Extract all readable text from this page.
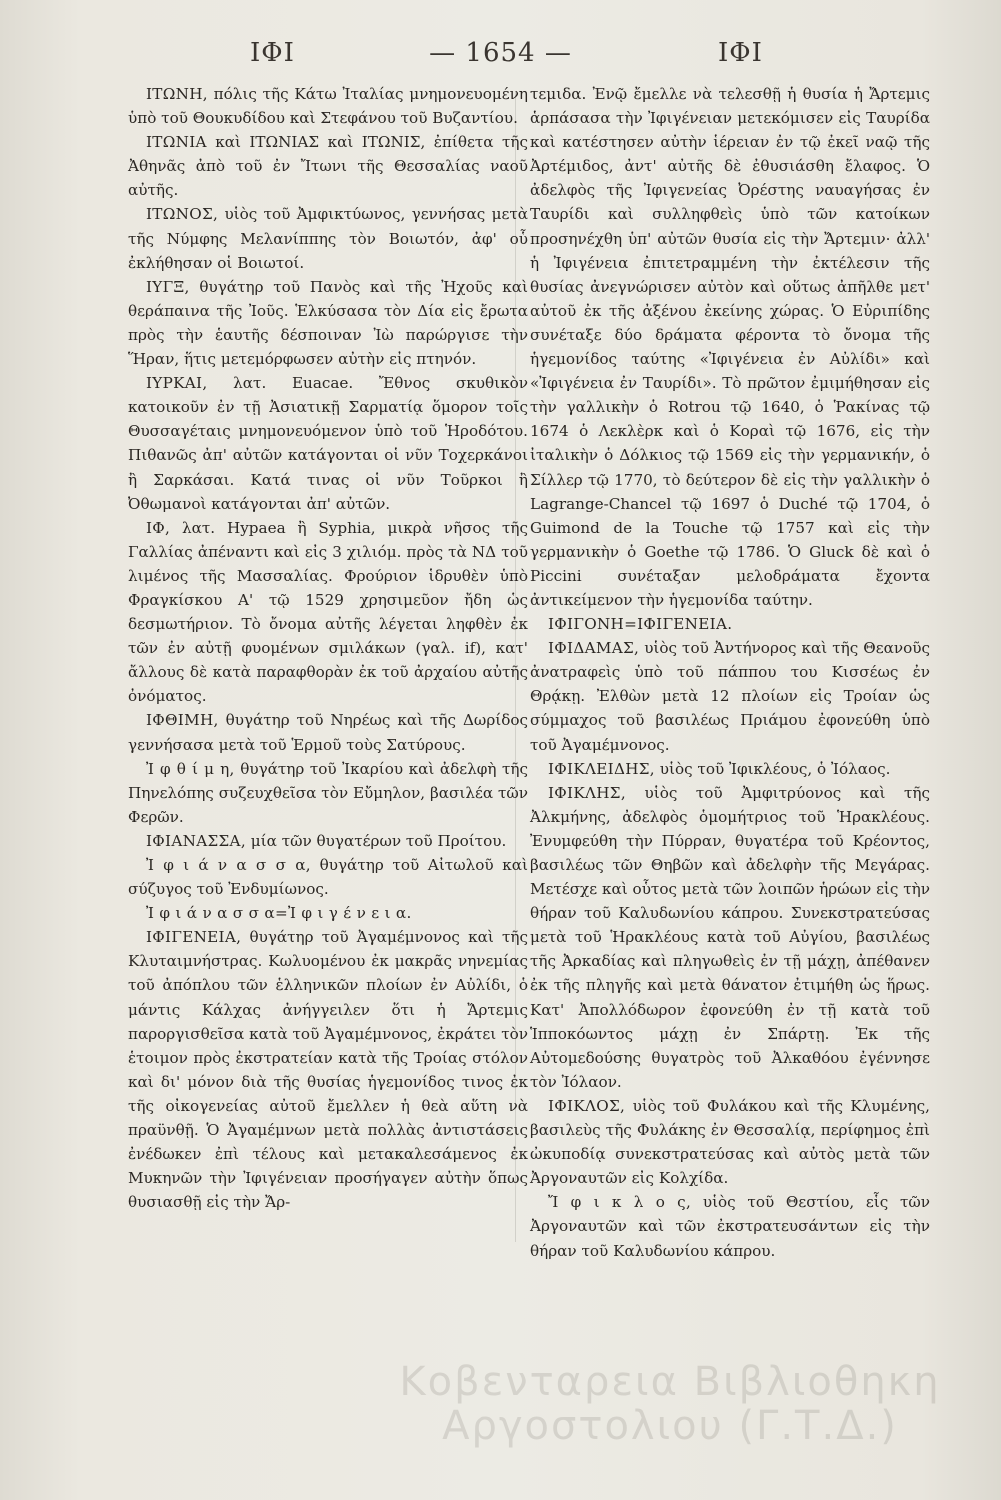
ΙΦΙ	— 1654 —	ΙΦΙ

ΙΤΩΝΗ, πόλις τῆς Κάτω Ἰταλίας μνημονευομένη ὑπὸ τοῦ Θουκυδίδου καὶ Στεφάνου τοῦ Βυζαντίου.

ΙΤΩΝΙΑ καὶ ΙΤΩΝΙΑΣ καὶ ΙΤΩΝΙΣ, ἐπίθετα τῆς Ἀθηνᾶς ἀπὸ τοῦ ἐν Ἴτωνι τῆς Θεσσαλίας ναοῦ αὐτῆς.

ΙΤΩΝΟΣ, υἱὸς τοῦ Ἀμφικτύωνος, γεννήσας μετὰ τῆς Νύμφης Μελανίππης τὸν Βοιωτόν, ἀφ' οὗ ἐκλήθησαν οἱ Βοιωτοί.

ΙΥΓΞ, θυγάτηρ τοῦ Πανὸς καὶ τῆς Ἠχοῦς καὶ θεράπαινα τῆς Ἰοῦς. Ἑλκύσασα τὸν Δία εἰς ἔρωτα πρὸς τὴν ἑαυτῆς δέσποιναν Ἰὼ παρώργισε τὴν Ἥραν, ἥτις μετεμόρφωσεν αὐτὴν εἰς πτηνόν.

ΙΥΡΚΑΙ, λατ. Euacae. Ἔθνος σκυθικὸν κατοικοῦν ἐν τῇ Ἀσιατικῇ Σαρματίᾳ ὅμορον τοῖς Θυσσαγέταις μνημονευόμενον ὑπὸ τοῦ Ἡροδότου. Πιθανῶς ἀπ' αὐτῶν κατάγονται οἱ νῦν Τοχερκάνοι ἢ Σαρκάσαι. Κατά τινας οἱ νῦν Τοῦρκοι ἢ Ὀθωμανοὶ κατάγονται ἀπ' αὐτῶν.

ΙΦ, λατ. Hypaea ἢ Syphia, μικρὰ νῆσος τῆς Γαλλίας ἀπέναντι καὶ εἰς 3 χιλιόμ. πρὸς τὰ ΝΔ τοῦ λιμένος τῆς Μασσαλίας. Φρούριον ἱδρυθὲν ὑπὸ Φραγκίσκου Α' τῷ 1529 χρησιμεῦον ἤδη ὡς δεσμωτήριον. Τὸ ὄνομα αὐτῆς λέγεται ληφθὲν ἐκ τῶν ἐν αὐτῇ φυομένων σμιλάκων (γαλ. if), κατ' ἄλλους δὲ κατὰ παραφθορὰν ἐκ τοῦ ἀρχαίου αὐτῆς ὀνόματος.

ΙΦΘΙΜΗ, θυγάτηρ τοῦ Νηρέως καὶ τῆς Δωρίδος γεννήσασα μετὰ τοῦ Ἑρμοῦ τοὺς Σατύρους.

Ἰ φ θ ί μ η, θυγάτηρ τοῦ Ἰκαρίου καὶ ἀδελφὴ τῆς Πηνελόπης συζευχθεῖσα τὸν Εὔμηλον, βασιλέα τῶν Φερῶν.

ΙΦΙΑΝΑΣΣΑ, μία τῶν θυγατέρων τοῦ Προίτου.

Ἰ φ ι ά ν α σ σ α, θυγάτηρ τοῦ Αἰτωλοῦ καὶ σύζυγος τοῦ Ἐνδυμίωνος.

Ἰ φ ι ά ν α σ σ α=Ἰ φ ι γ έ ν ε ι α.

ΙΦΙΓΕΝΕΙΑ, θυγάτηρ τοῦ Ἀγαμέμνονος καὶ τῆς Κλυταιμνήστρας. Κωλυομένου ἐκ μακρᾶς νηνεμίας τοῦ ἀπόπλου τῶν ἑλληνικῶν πλοίων ἐν Αὐλίδι, ὁ μάντις Κάλχας ἀνήγγειλεν ὅτι ἡ Ἄρτεμις παροργισθεῖσα κατὰ τοῦ Ἀγαμέμνονος, ἐκράτει τὸν ἑτοιμον πρὸς ἐκστρατείαν κατὰ τῆς Τροίας στόλον καὶ δι' μόνον διὰ τῆς θυσίας ἡγεμονίδος τινος ἐκ τῆς οἰκογενείας αὐτοῦ ἔμελλεν ἡ θεὰ αὕτη νὰ πραϋνθῇ. Ὁ Ἀγαμέμνων μετὰ πολλὰς ἀντιστάσεις ἐνέδωκεν ἐπὶ τέλους καὶ μετακαλεσάμενος ἐκ Μυκηνῶν τὴν Ἰφιγένειαν προσήγαγεν αὐτὴν ὅπως θυσιασθῇ εἰς τὴν Ἄρ-

τεμιδα. Ἐνῷ ἔμελλε νὰ τελεσθῇ ἡ θυσία ἡ Ἄρτεμις ἁρπάσασα τὴν Ἰφιγένειαν μετεκόμισεν εἰς Ταυρίδα καὶ κατέστησεν αὐτὴν ἱέρειαν ἐν τῷ ἐκεῖ ναῷ τῆς Ἀρτέμιδος, ἀντ' αὐτῆς δὲ ἐθυσιάσθη ἔλαφος. Ὁ ἀδελφὸς τῆς Ἰφιγενείας Ὀρέστης ναυαγήσας ἐν Ταυρίδι καὶ συλληφθεὶς ὑπὸ τῶν κατοίκων προσηνέχθη ὑπ' αὐτῶν θυσία εἰς τὴν Ἄρτεμιν· ἀλλ' ἡ Ἰφιγένεια ἐπιτετραμμένη τὴν ἐκτέλεσιν τῆς θυσίας ἀνεγνώρισεν αὐτὸν καὶ οὕτως ἀπῆλθε μετ' αὐτοῦ ἐκ τῆς ἀξένου ἐκείνης χώρας. Ὁ Εὐριπίδης συνέταξε δύο δράματα φέροντα τὸ ὄνομα τῆς ἡγεμονίδος ταύτης «Ἰφιγένεια ἐν Αὐλίδι» καὶ «Ἰφιγένεια ἐν Ταυρίδι». Τὸ πρῶτον ἐμιμήθησαν εἰς τὴν γαλλικὴν ὁ Rotrou τῷ 1640, ὁ Ῥακίνας τῷ 1674 ὁ Λεκλὲρκ καὶ ὁ Κοραὶ τῷ 1676, εἰς τὴν ἰταλικὴν ὁ Δόλκιος τῷ 1569 εἰς τὴν γερμανικήν, ὁ Σίλλερ τῷ 1770, τὸ δεύτερον δὲ εἰς τὴν γαλλικὴν ὁ Lagrange-Chancel τῷ 1697 ὁ Duché τῷ 1704, ὁ Guimond de la Touche τῷ 1757 καὶ εἰς τὴν γερμανικὴν ὁ Goethe τῷ 1786. Ὁ Gluck δὲ καὶ ὁ Piccini συνέταξαν μελοδράματα ἔχοντα ἀντικείμενον τὴν ἡγεμονίδα ταύτην.

ΙΦΙΓΟΝΗ=ΙΦΙΓΕΝΕΙΑ.

ΙΦΙΔΑΜΑΣ, υἱὸς τοῦ Ἀντήνορος καὶ τῆς Θεανοῦς ἀνατραφεὶς ὑπὸ τοῦ πάππου του Κισσέως ἐν Θρᾴκῃ. Ἐλθὼν μετὰ 12 πλοίων εἰς Τροίαν ὡς σύμμαχος τοῦ βασιλέως Πριάμου ἐφονεύθη ὑπὸ τοῦ Ἀγαμέμνονος.

ΙΦΙΚΛΕΙΔΗΣ, υἱὸς τοῦ Ἰφικλέους, ὁ Ἰόλαος.

ΙΦΙΚΛΗΣ, υἱὸς τοῦ Ἀμφιτρύονος καὶ τῆς Ἀλκμήνης, ἀδελφὸς ὁμομήτριος τοῦ Ἡρακλέους. Ἐνυμφεύθη τὴν Πύρραν, θυγατέρα τοῦ Κρέοντος, βασιλέως τῶν Θηβῶν καὶ ἀδελφὴν τῆς Μεγάρας. Μετέσχε καὶ οὗτος μετὰ τῶν λοιπῶν ἡρώων εἰς τὴν θήραν τοῦ Καλυδωνίου κάπρου. Συνεκστρατεύσας μετὰ τοῦ Ἡρακλέους κατὰ τοῦ Αὐγίου, βασιλέως τῆς Ἀρκαδίας καὶ πληγωθεὶς ἐν τῇ μάχῃ, ἀπέθανεν ἐκ τῆς πληγῆς καὶ μετὰ θάνατον ἐτιμήθη ὡς ἥρως. Κατ' Ἀπολλόδωρον ἐφονεύθη ἐν τῇ κατὰ τοῦ Ἱπποκόωντος μάχῃ ἐν Σπάρτῃ. Ἐκ τῆς Αὐτομεδούσης θυγατρὸς τοῦ Ἀλκαθόου ἐγέννησε τὸν Ἰόλαον.

ΙΦΙΚΛΟΣ, υἱὸς τοῦ Φυλάκου καὶ τῆς Κλυμένης, βασιλεὺς τῆς Φυλάκης ἐν Θεσσαλίᾳ, περίφημος ἐπὶ ὠκυποδίᾳ συνεκστρατεύσας καὶ αὐτὸς μετὰ τῶν Ἀργοναυτῶν εἰς Κολχίδα.

Ἴ φ ι κ λ ο ς, υἱὸς τοῦ Θεστίου, εἷς τῶν Ἀργοναυτῶν καὶ τῶν ἐκστρατευσάντων εἰς τὴν θήραν τοῦ Καλυδωνίου κάπρου.

Κοβενταρεια Βιβλιοθηκη Αργοστολιου (Γ.Τ.Δ.)
